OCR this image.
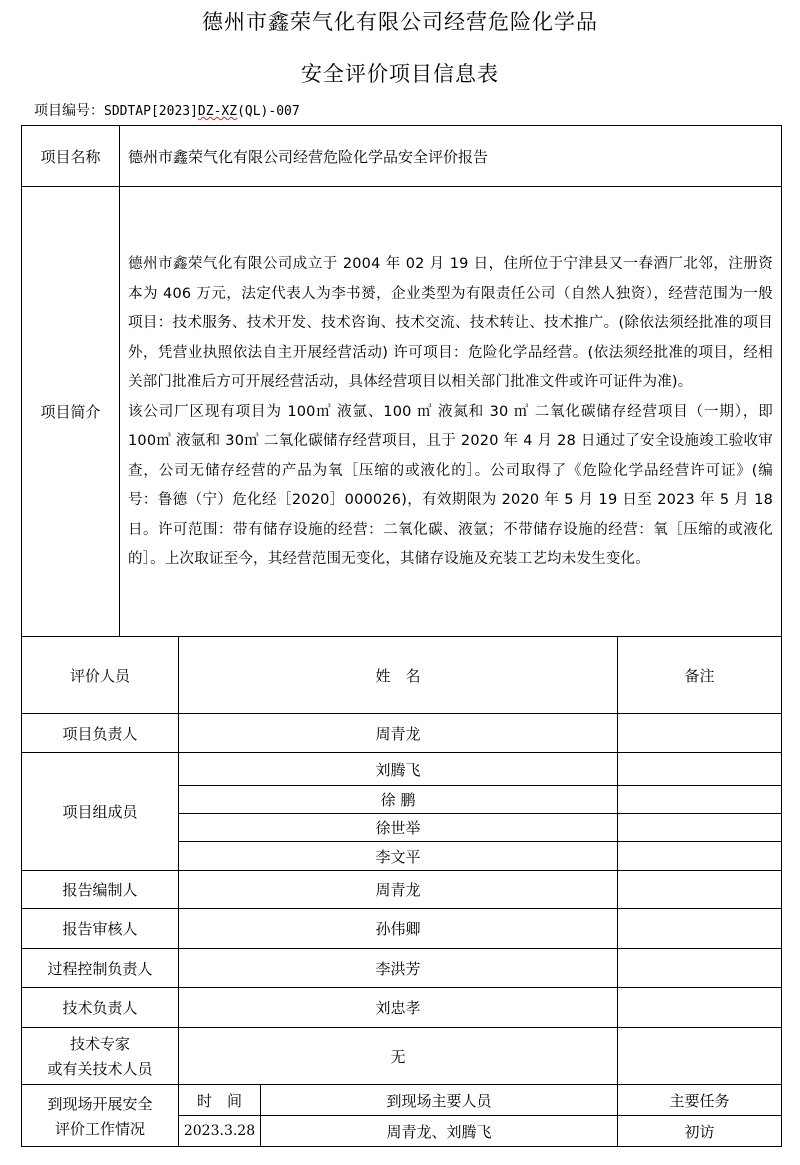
德州市鑫荣气化有限公司经营危险化学品
安全评价项目信息表
项目编号：SDDTAP[2023]DZ-XZ(QL)-007
项目名称	德州市鑫荣气化有限公司经营危险化学品安全评价报告
项目简介	德州市鑫荣气化有限公司成立于 2004 年 02 月 19 日，住所位于宁津县又一春酒厂北邻，注册资本为 406 万元，法定代表人为李书赟，企业类型为有限责任公司（自然人独资），经营范围为一般项目：技术服务、技术开发、技术咨询、技术交流、技术转让、技术推广。(除依法须经批准的项目外，凭营业执照依法自主开展经营活动) 许可项目：危险化学品经营。(依法须经批准的项目，经相关部门批准后方可开展经营活动，具体经营项目以相关部门批准文件或许可证件为准)。

该公司厂区现有项目为 100㎥ 液氩、100 ㎥ 液氮和 30 ㎥ 二氧化碳储存经营项目（一期），即 100㎥ 液氩和 30㎥ 二氧化碳储存经营项目，且于 2020 年 4 月 28 日通过了安全设施竣工验收审查，公司无储存经营的产品为氧［压缩的或液化的］。公司取得了《危险化学品经营许可证》(编号：鲁德（宁）危化经［2020］000026)，有效期限为 2020 年 5 月 19 日至 2023 年 5 月 18 日。许可范围：带有储存设施的经营：二氧化碳、液氩；不带储存设施的经营：氧［压缩的或液化的］。上次取证至今，其经营范围无变化，其储存设施及充装工艺均未发生变化。

评价人员	姓　名		备注
项目负责人	周青龙		
项目组成员	刘腾飞		
	徐 鹏		
	徐世举		
	李文平		
报告编制人	周青龙		
报告审核人	孙伟卿		
过程控制负责人	李洪芳		
技术负责人	刘忠孝		

技术专家
或有关技术人员	无		

到现场开展安全
评价工作情况	时　间	到现场主要人员	主要任务
	2023.3.28	周青龙、刘腾飞	初访
